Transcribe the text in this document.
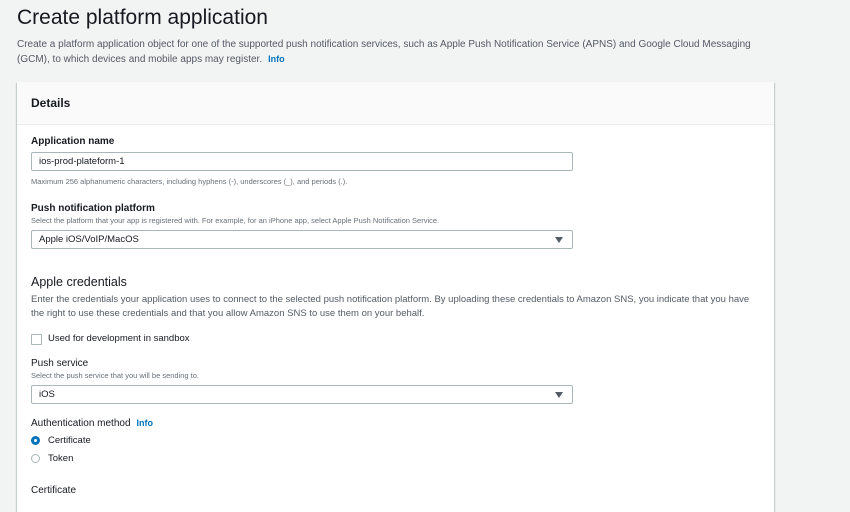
Create platform application
Create a platform application object for one of the supported push notification services, such as Apple Push Notification Service (APNS) and Google Cloud Messaging (GCM), to which devices and mobile apps may register. Info
Details
Application name
ios-prod-plateform-1
Maximum 256 alphanumeric characters, including hyphens (-), underscores (_), and periods (.).
Push notification platform
Select the platform that your app is registered with. For example, for an iPhone app, select Apple Push Notification Service.
Apple iOS/VoIP/MacOS
Apple credentials
Enter the credentials your application uses to connect to the selected push notification platform. By uploading these credentials to Amazon SNS, you indicate that you have the right to use these credentials and that you allow Amazon SNS to use them on your behalf.
Used for development in sandbox
Push service
Select the push service that you will be sending to.
iOS
Authentication method Info
Certificate
Token
Certificate
